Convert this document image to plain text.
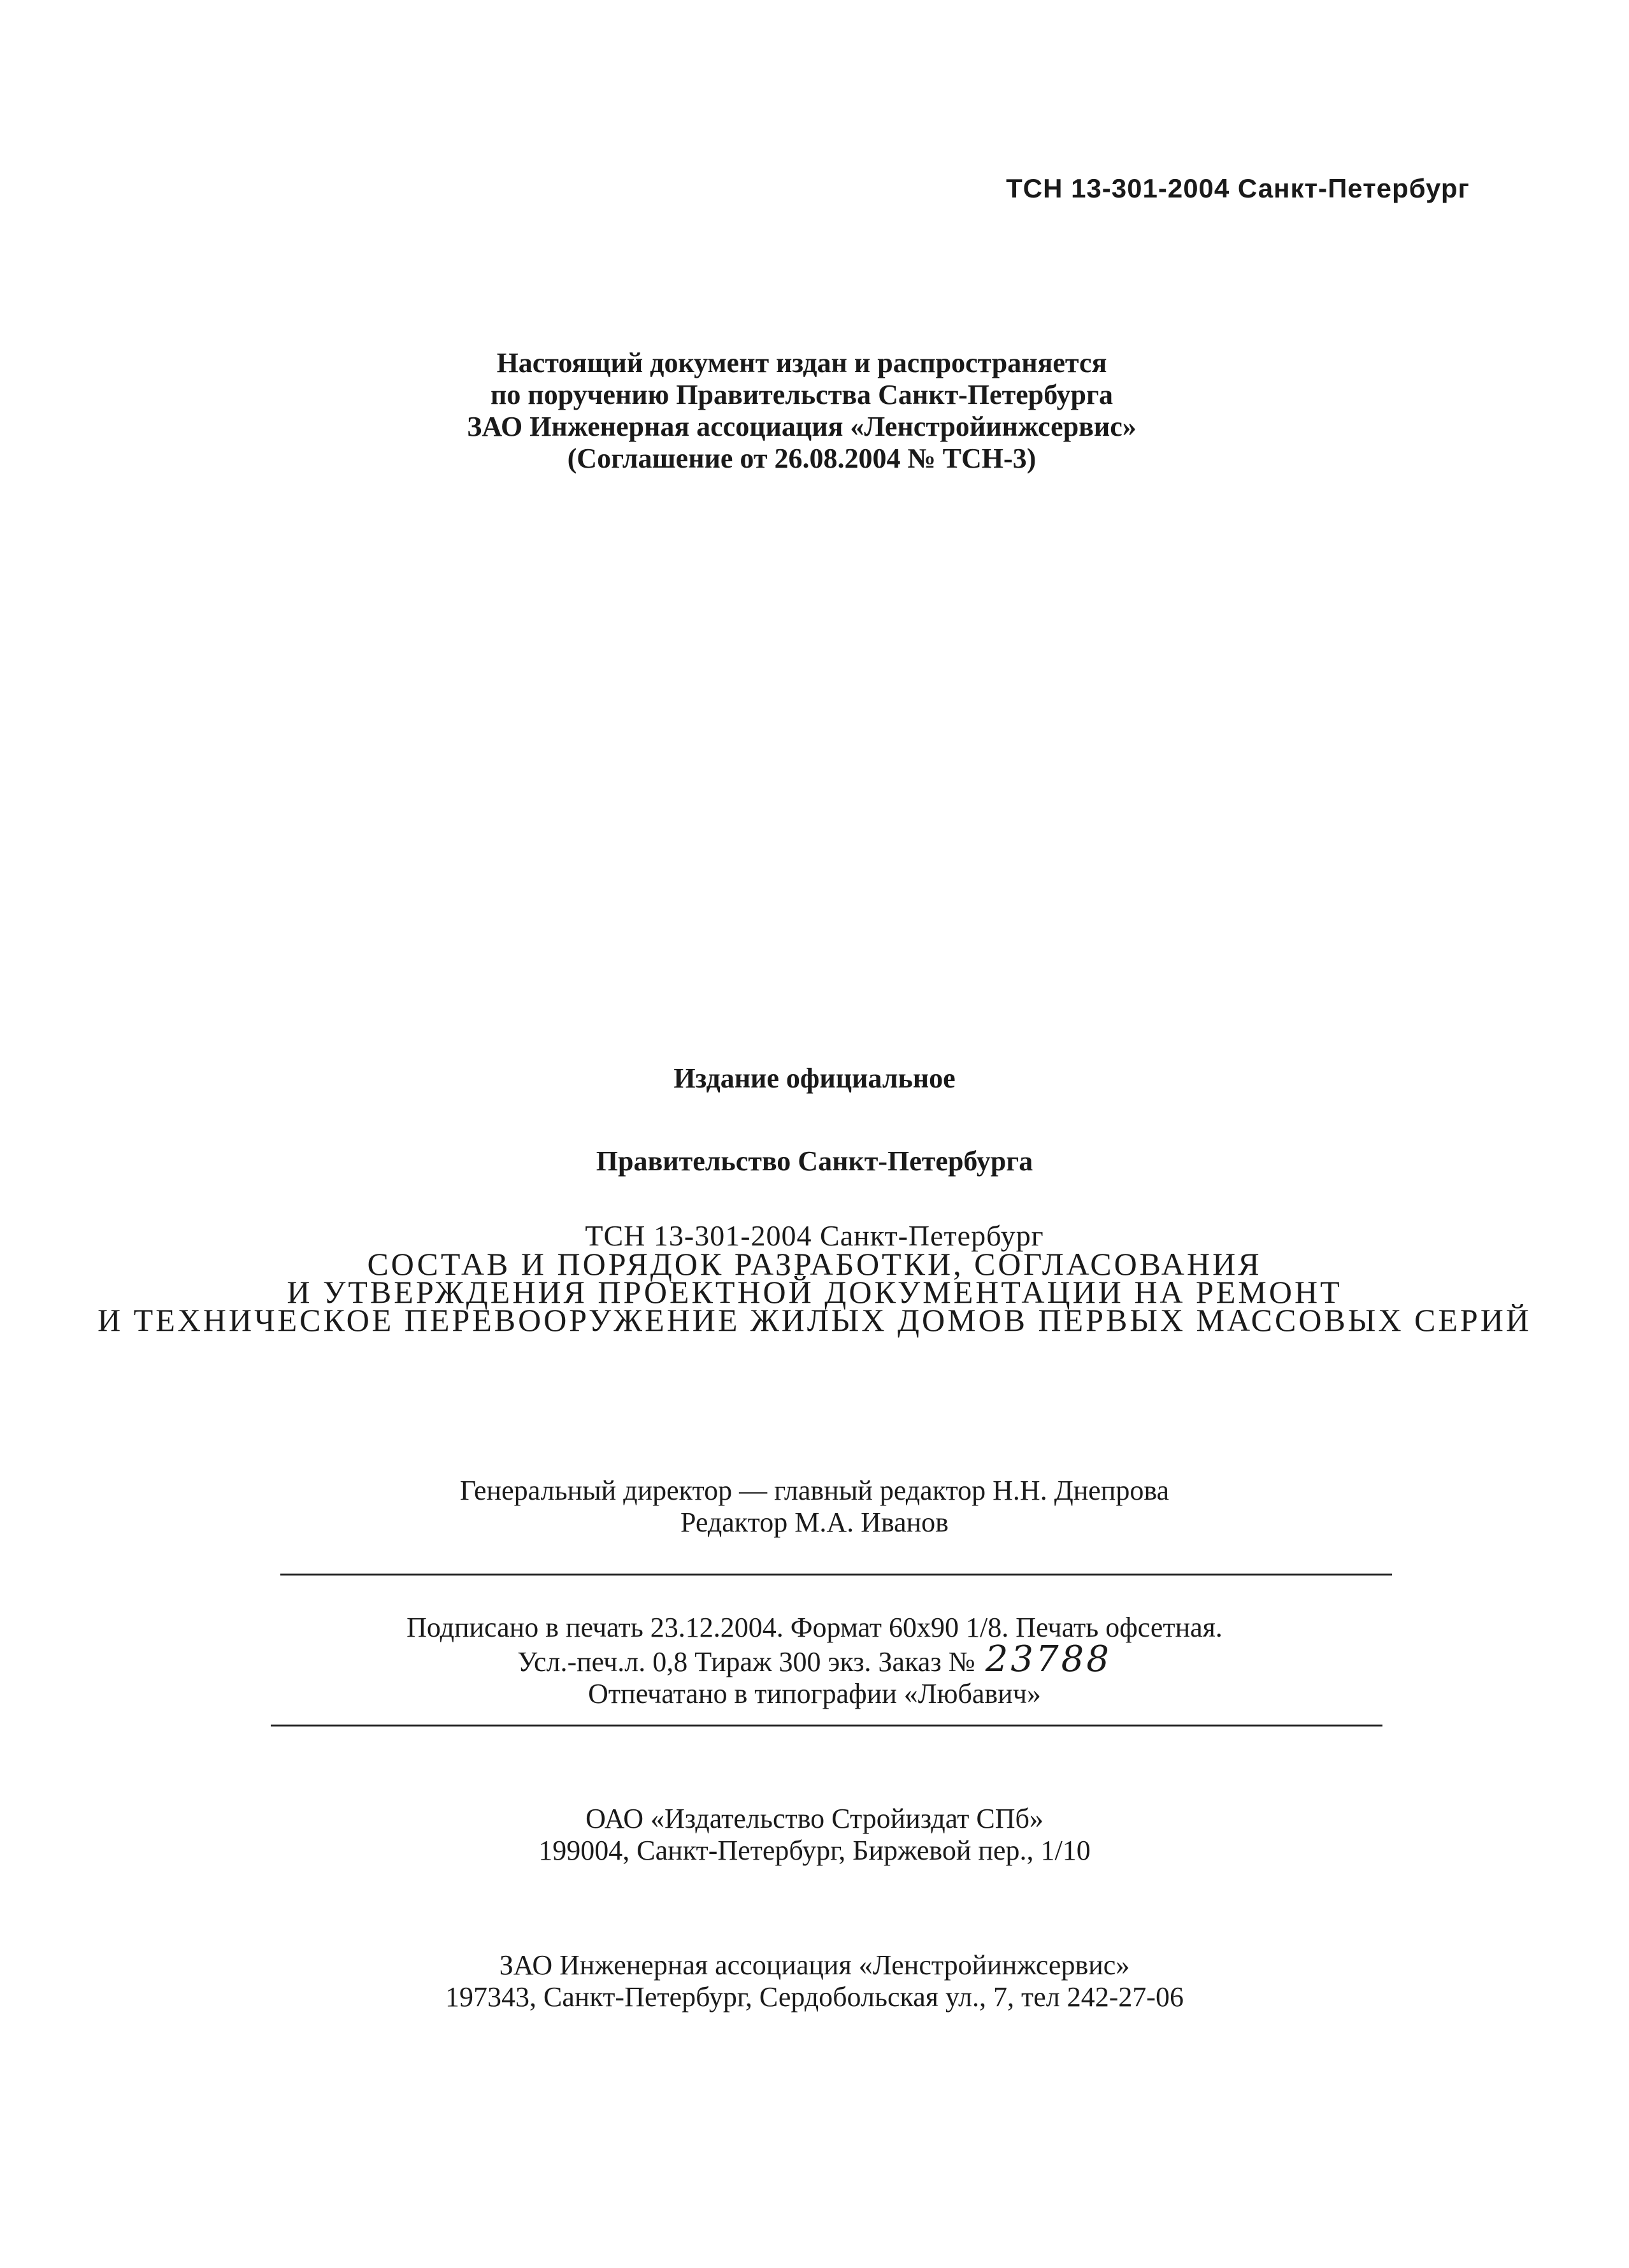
ТСН 13-301-2004 Санкт-Петербург
Настоящий документ издан и распространяется
по поручению Правительства Санкт-Петербурга
ЗАО Инженерная ассоциация «Ленстройинжсервис»
(Соглашение от 26.08.2004 № ТСН-3)
Издание официальное
Правительство Санкт-Петербурга
ТСН 13-301-2004 Санкт-Петербург
СОСТАВ И ПОРЯДОК РАЗРАБОТКИ, СОГЛАСОВАНИЯ
И УТВЕРЖДЕНИЯ ПРОЕКТНОЙ ДОКУМЕНТАЦИИ НА РЕМОНТ
И ТЕХНИЧЕСКОЕ ПЕРЕВООРУЖЕНИЕ ЖИЛЫХ ДОМОВ ПЕРВЫХ МАССОВЫХ СЕРИЙ
Генеральный директор — главный редактор Н.Н. Днепрова
Редактор М.А. Иванов
Подписано в печать 23.12.2004. Формат 60х90 1/8. Печать офсетная.
Усл.-печ.л. 0,8 Тираж 300 экз. Заказ № 23788
Отпечатано в типографии «Любавич»
ОАО «Издательство Стройиздат СПб»
199004, Санкт-Петербург, Биржевой пер., 1/10
ЗАО Инженерная ассоциация «Ленстройинжсервис»
197343, Санкт-Петербург, Сердобольская ул., 7, тел 242-27-06
